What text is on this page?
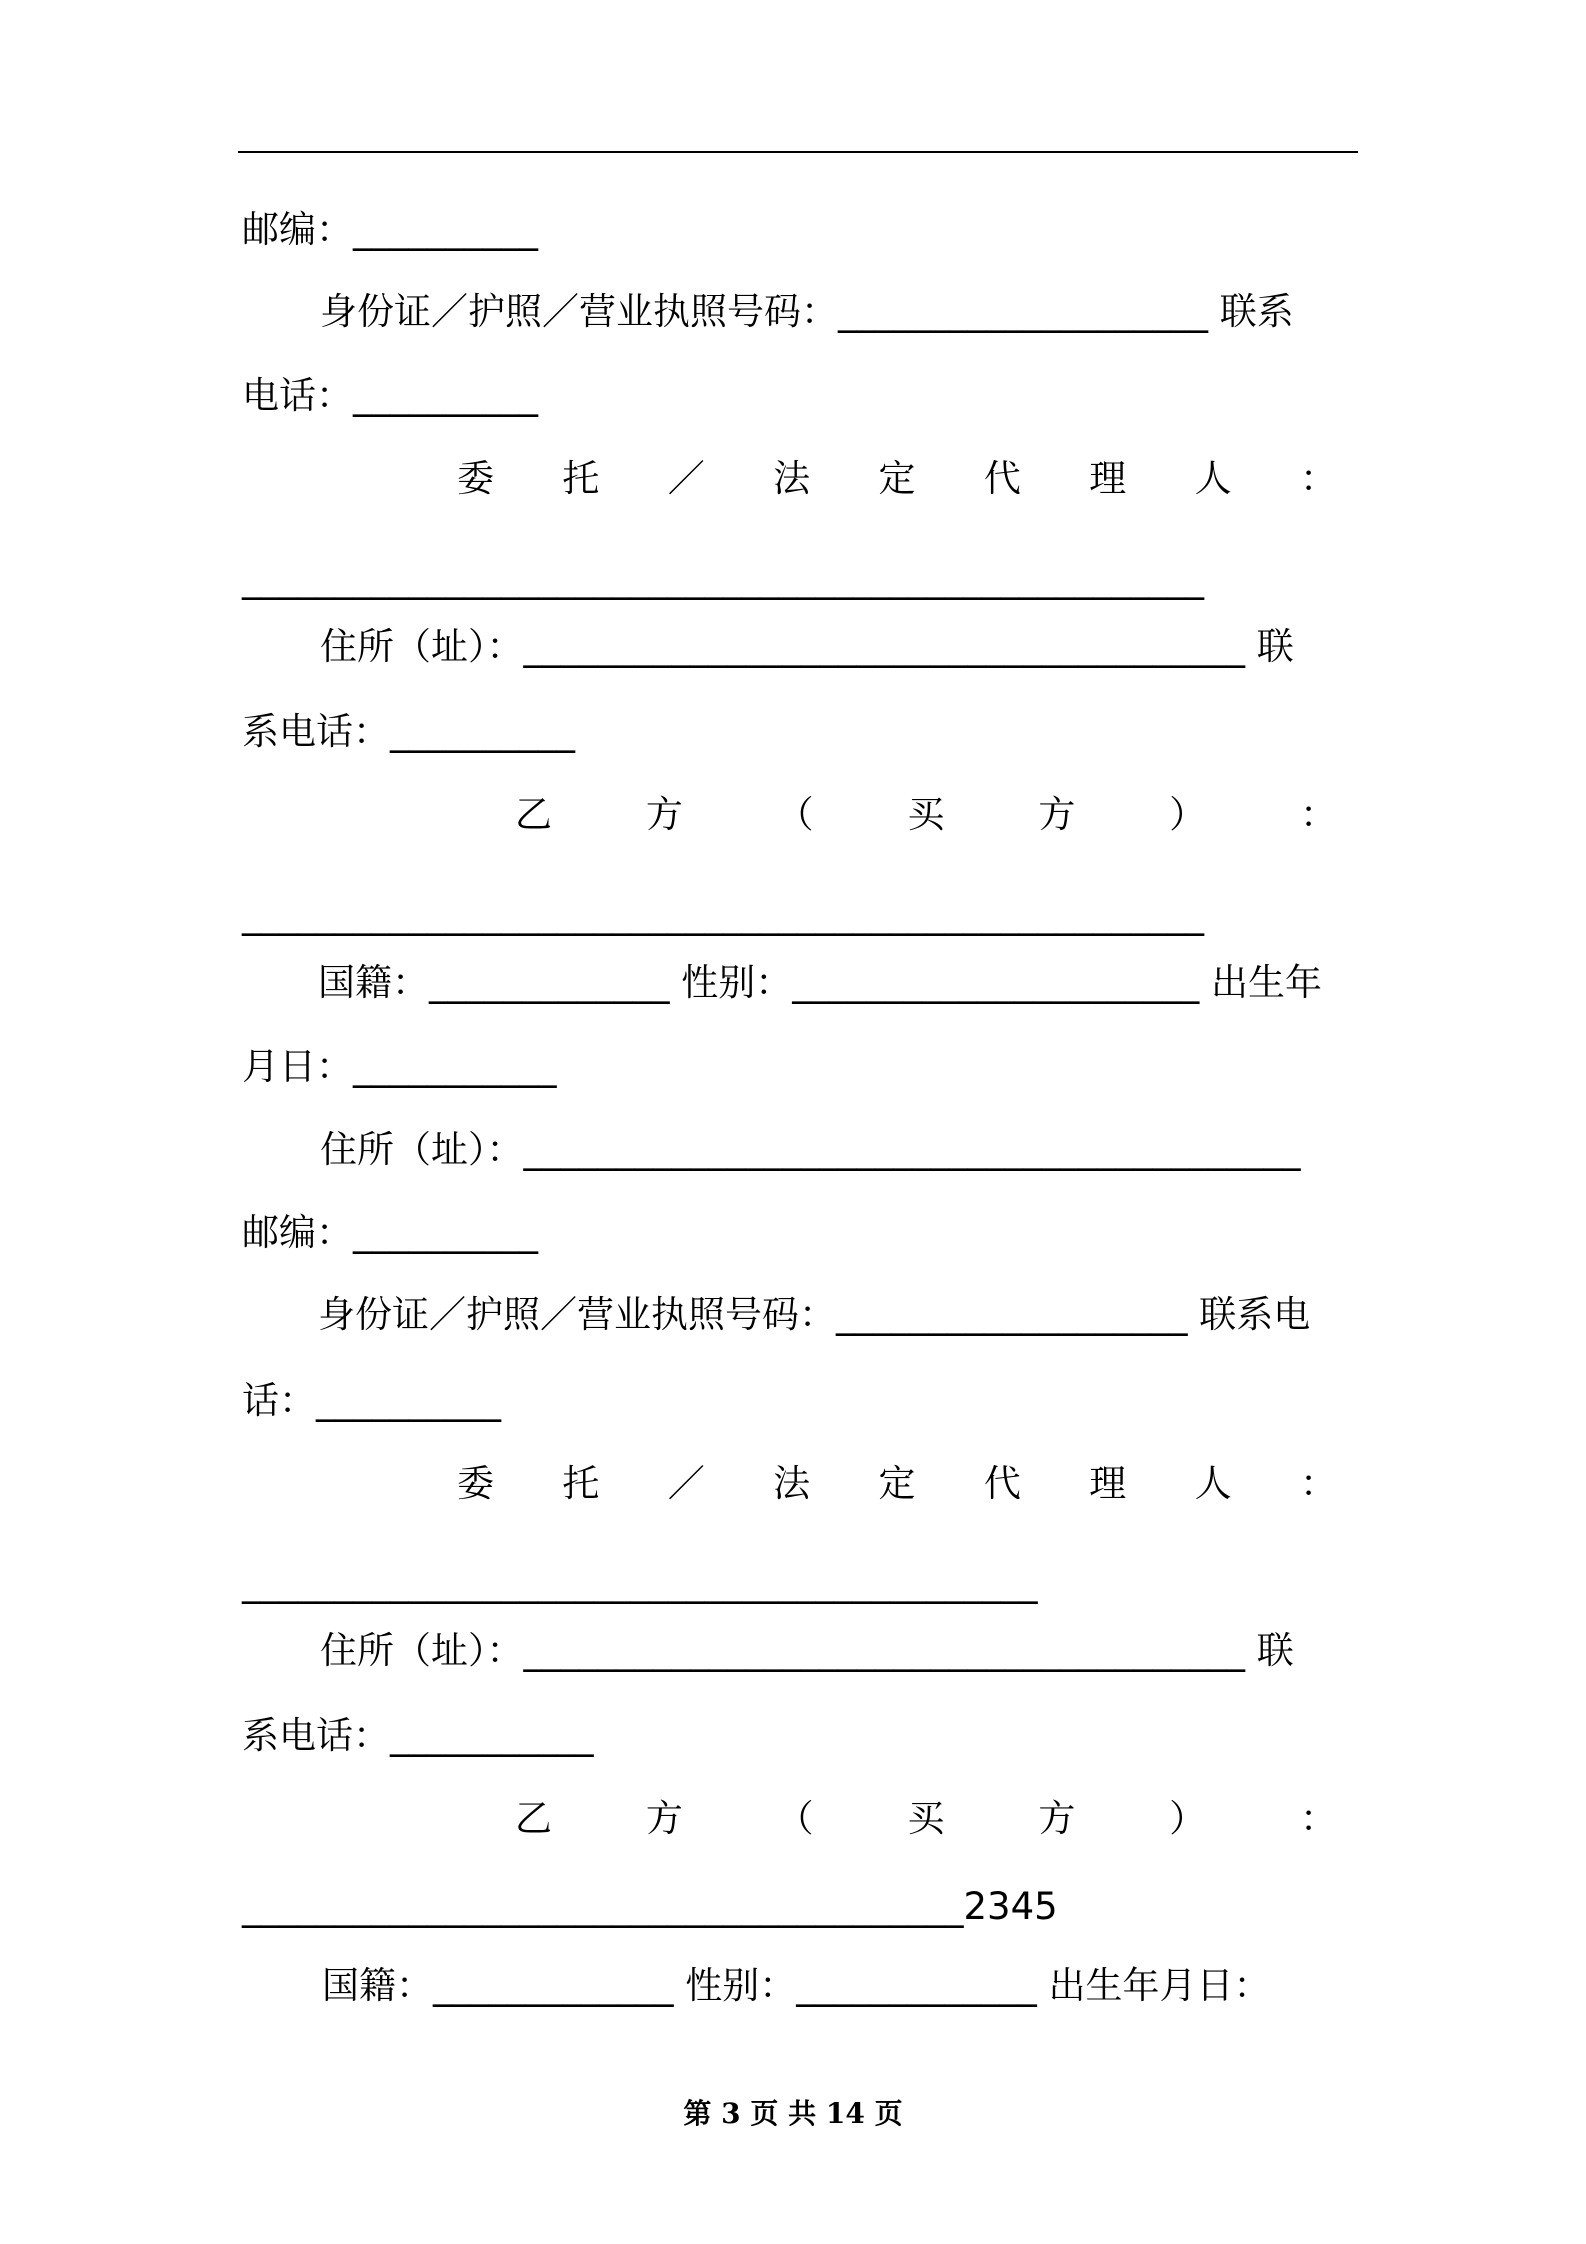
邮编：__________
身份证／护照／营业执照号码：____________________ 联系
电话：__________
委 托 ／ 法 定 代 理 人 ：
____________________________________________________
住所（址）：_______________________________________ 联
系电话：__________
乙	方	（	买	方	）	：
____________________________________________________
国籍：_____________ 性别：______________________ 出生年
月日：___________
住所（址）：__________________________________________
邮编：__________
身份证／护照／营业执照号码：___________________ 联系电
话：__________
委 托 ／ 法 定 代 理 人 ：
___________________________________________
住所（址）：_______________________________________ 联
系电话：___________
乙	方	（	买	方	）	：
_______________________________________2345
国籍：_____________ 性别：_____________ 出生年月日：
第 3 页 共 14 页
